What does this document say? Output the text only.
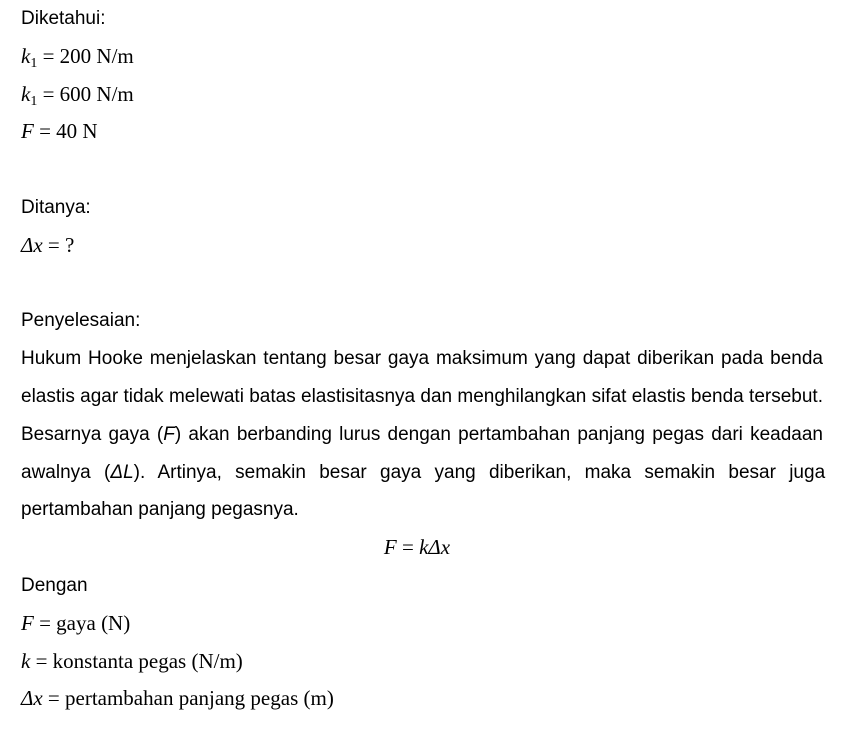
Diketahui:
$k_1 = 200$ N/m
$k_1 = 600$ N/m
F = 40 N
Ditanya:
Δx = ?
Penyelesaian:
Hukum Hooke menjelaskan tentang besar gaya maksimum yang dapat diberikan pada benda
elastis agar tidak melewati batas elastisitasnya dan menghilangkan sifat elastis benda tersebut.
Besarnya gaya (F) akan berbanding lurus dengan pertambahan panjang pegas dari keadaan
awalnya (ΔL). Artinya, semakin besar gaya yang diberikan, maka semakin besar juga
pertambahan panjang pegasnya.
F = kΔx
Dengan
F = gaya (N)
k = konstanta pegas (N/m)
Δx = pertambahan panjang pegas (m)
